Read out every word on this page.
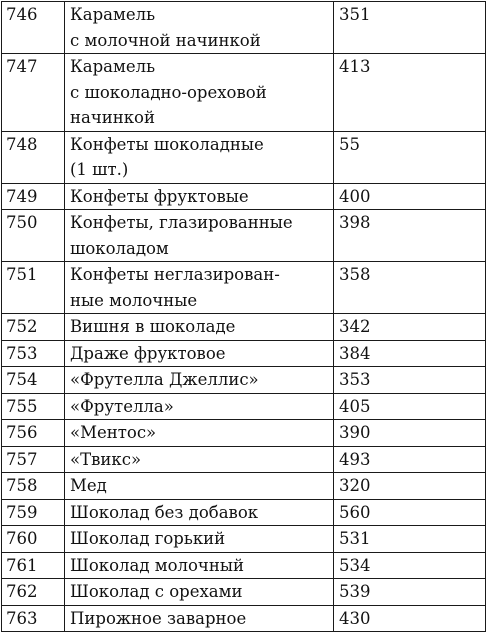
746	Карамель
с молочной начинкой	351
747	Карамель
с шоколадно-ореховой
начинкой	413
748	Конфеты шоколадные
(1 шт.)	55
749	Конфеты фруктовые	400
750	Конфеты, глазированные
шоколадом	398
751	Конфеты неглазирован-
ные молочные	358
752	Вишня в шоколаде	342
753	Драже фруктовое	384
754	«Фрутелла Джеллис»	353
755	«Фрутелла»	405
756	«Ментос»	390
757	«Твикс»	493
758	Мед	320
759	Шоколад без добавок	560
760	Шоколад горький	531
761	Шоколад молочный	534
762	Шоколад с орехами	539
763	Пирожное заварное	430
